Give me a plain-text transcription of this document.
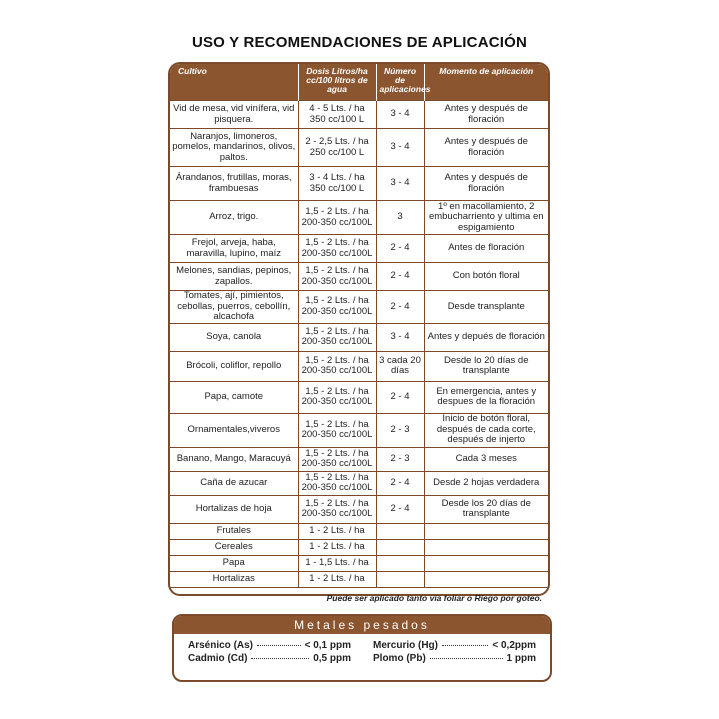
USO Y RECOMENDACIONES DE APLICACIÓN
Cultivo	Dosis Litros/ha cc/100 litros de agua	Número de aplicaciones	Momento de aplicación
Vid de mesa, vid vinífera, vid pisquera.	4 - 5 Lts. / ha 350 cc/100 L	3 - 4	Antes y después de floración
Naranjos, limoneros, pomelos, mandarinos, olivos, paltos.	2 - 2,5 Lts. / ha 250 cc/100 L	3 - 4	Antes y después de floración
Árandanos, frutillas, moras, frambuesas	3 - 4 Lts. / ha 350 cc/100 L	3 - 4	Antes y después de floración
Arroz, trigo.	1,5 - 2 Lts. / ha 200-350 cc/100L	3	1º en macollamiento, 2 embucharriento y ultima en espigamiento
Frejol, arveja, haba, maravilla, lupino, maíz	1,5 - 2 Lts. / ha 200-350 cc/100L	2 - 4	Antes de floración
Melones, sandias, pepinos, zapallos.	1,5 - 2 Lts. / ha 200-350 cc/100L	2 - 4	Con botón floral
Tomates, ají, pimientos, cebollas, puerros, cebollín, alcachofa	1,5 - 2 Lts. / ha 200-350 cc/100L	2 - 4	Desde transplante
Soya, canola	1,5 - 2 Lts. / ha 200-350 cc/100L	3 - 4	Antes y depués de floración
Brócoli, coliflor, repollo	1,5 - 2 Lts. / ha 200-350 cc/100L	3 cada 20 días	Desde lo 20 días de transplante
Papa, camote	1,5 - 2 Lts. / ha 200-350 cc/100L	2 - 4	En emergencia, antes y despues de la floración
Ornamentales,viveros	1,5 - 2 Lts. / ha 200-350 cc/100L	2 - 3	Inicio de botón floral, después de cada corte, después de injerto
Banano, Mango, Maracuyá	1,5 - 2 Lts. / ha 200-350 cc/100L	2 - 3	Cada 3 meses
Caña de azucar	1,5 - 2 Lts. / ha 200-350 cc/100L	2 - 4	Desde 2 hojas verdadera
Hortalizas de hoja	1,5 - 2 Lts. / ha 200-350 cc/100L	2 - 4	Desde los 20 días de transplante
Frutales	1 - 2 Lts. / ha		
Cereales	1 - 2 Lts. / ha		
Papa	1 - 1,5 Lts. / ha		
Hortalizas	1 - 2 Lts. / ha		
Puede ser aplicado tanto vía foliar o Riego por goteo.
Metales pesados
Arsénico (As)	< 0,1 ppm Mercurio (Hg)	< 0,2ppm
Cadmio (Cd)	0,5 ppm Plomo (Pb)	1 ppm
